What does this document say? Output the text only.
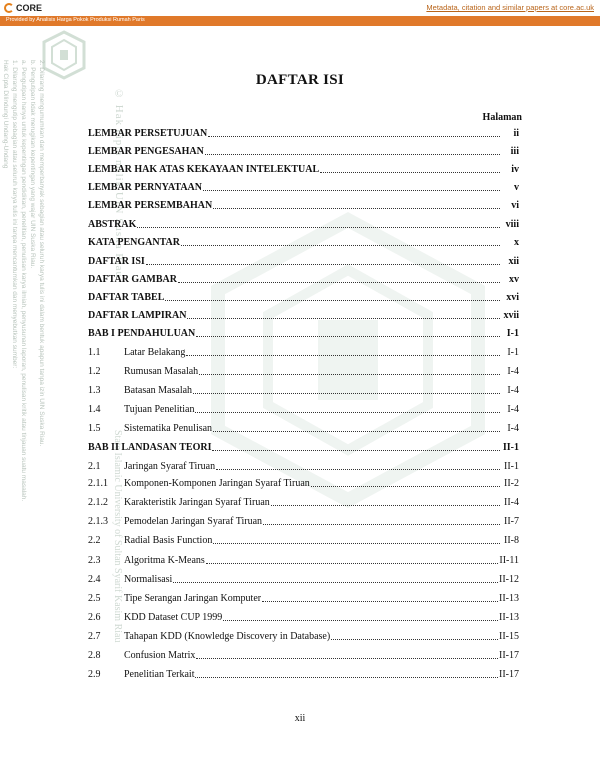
CORE	Metadata, citation and similar papers at core.ac.uk
Provided by Analisis Harga Pokok Produksi Rumah Paris
Hak Cipta Dilindungi Undang-Undang 1. Dilarang mengutip sebagian atau seluruh karya tulis ini tanpa mencantumkan dan menyebutkan sumber: a. Pengutipan hanya untuk kepentingan pendidikan, penelitian, penulisan karya ilmiah, penyusunan laporan, penulisan kritik atau tinjauan suatu masalah. b. Pengutipan tidak merugikan kepentingan yang wajar UIN Suska Riau. 2. Dilarang mengumumkan dan memperbanyak sebagian atau seluruh karya tulis ini dalam bentuk apapun tanpa izin UIN Suska Riau.	© Hak cipta milik UIN Suska Riau
State Islamic University of Sultan Syarif Kasim Riau
DAFTAR ISI
Halaman
LEMBAR PERSETUJUAN	ii
LEMBAR PENGESAHAN	iii
LEMBAR HAK ATAS KEKAYAAN INTELEKTUAL	iv
LEMBAR PERNYATAAN	v
LEMBAR PERSEMBAHAN	vi
ABSTRAK	viii
KATA PENGANTAR	x
DAFTAR ISI	xii
DAFTAR GAMBAR	xv
DAFTAR TABEL	xvi
DAFTAR LAMPIRAN	xvii
BAB I PENDAHULUAN	I-1
1.1	Latar Belakang	I-1
1.2	Rumusan Masalah	I-4
1.3	Batasan Masalah	I-4
1.4	Tujuan Penelitian	I-4
1.5	Sistematika Penulisan	I-4
BAB II LANDASAN TEORI	II-1
2.1	Jaringan Syaraf Tiruan	II-1
2.1.1	Komponen-Komponen Jaringan Syaraf Tiruan	II-2
2.1.2	Karakteristik Jaringan Syaraf Tiruan	II-4
2.1.3	Pemodelan Jaringan Syaraf Tiruan	II-7
2.2	Radial Basis Function	II-8
2.3	Algoritma K-Means	II-11
2.4	Normalisasi	II-12
2.5	Tipe Serangan Jaringan Komputer	II-13
2.6	KDD Dataset CUP 1999	II-13
2.7	Tahapan KDD (Knowledge Discovery in Database)	II-15
2.8	Confusion Matrix	II-17
2.9	Penelitian Terkait	II-17
xii
